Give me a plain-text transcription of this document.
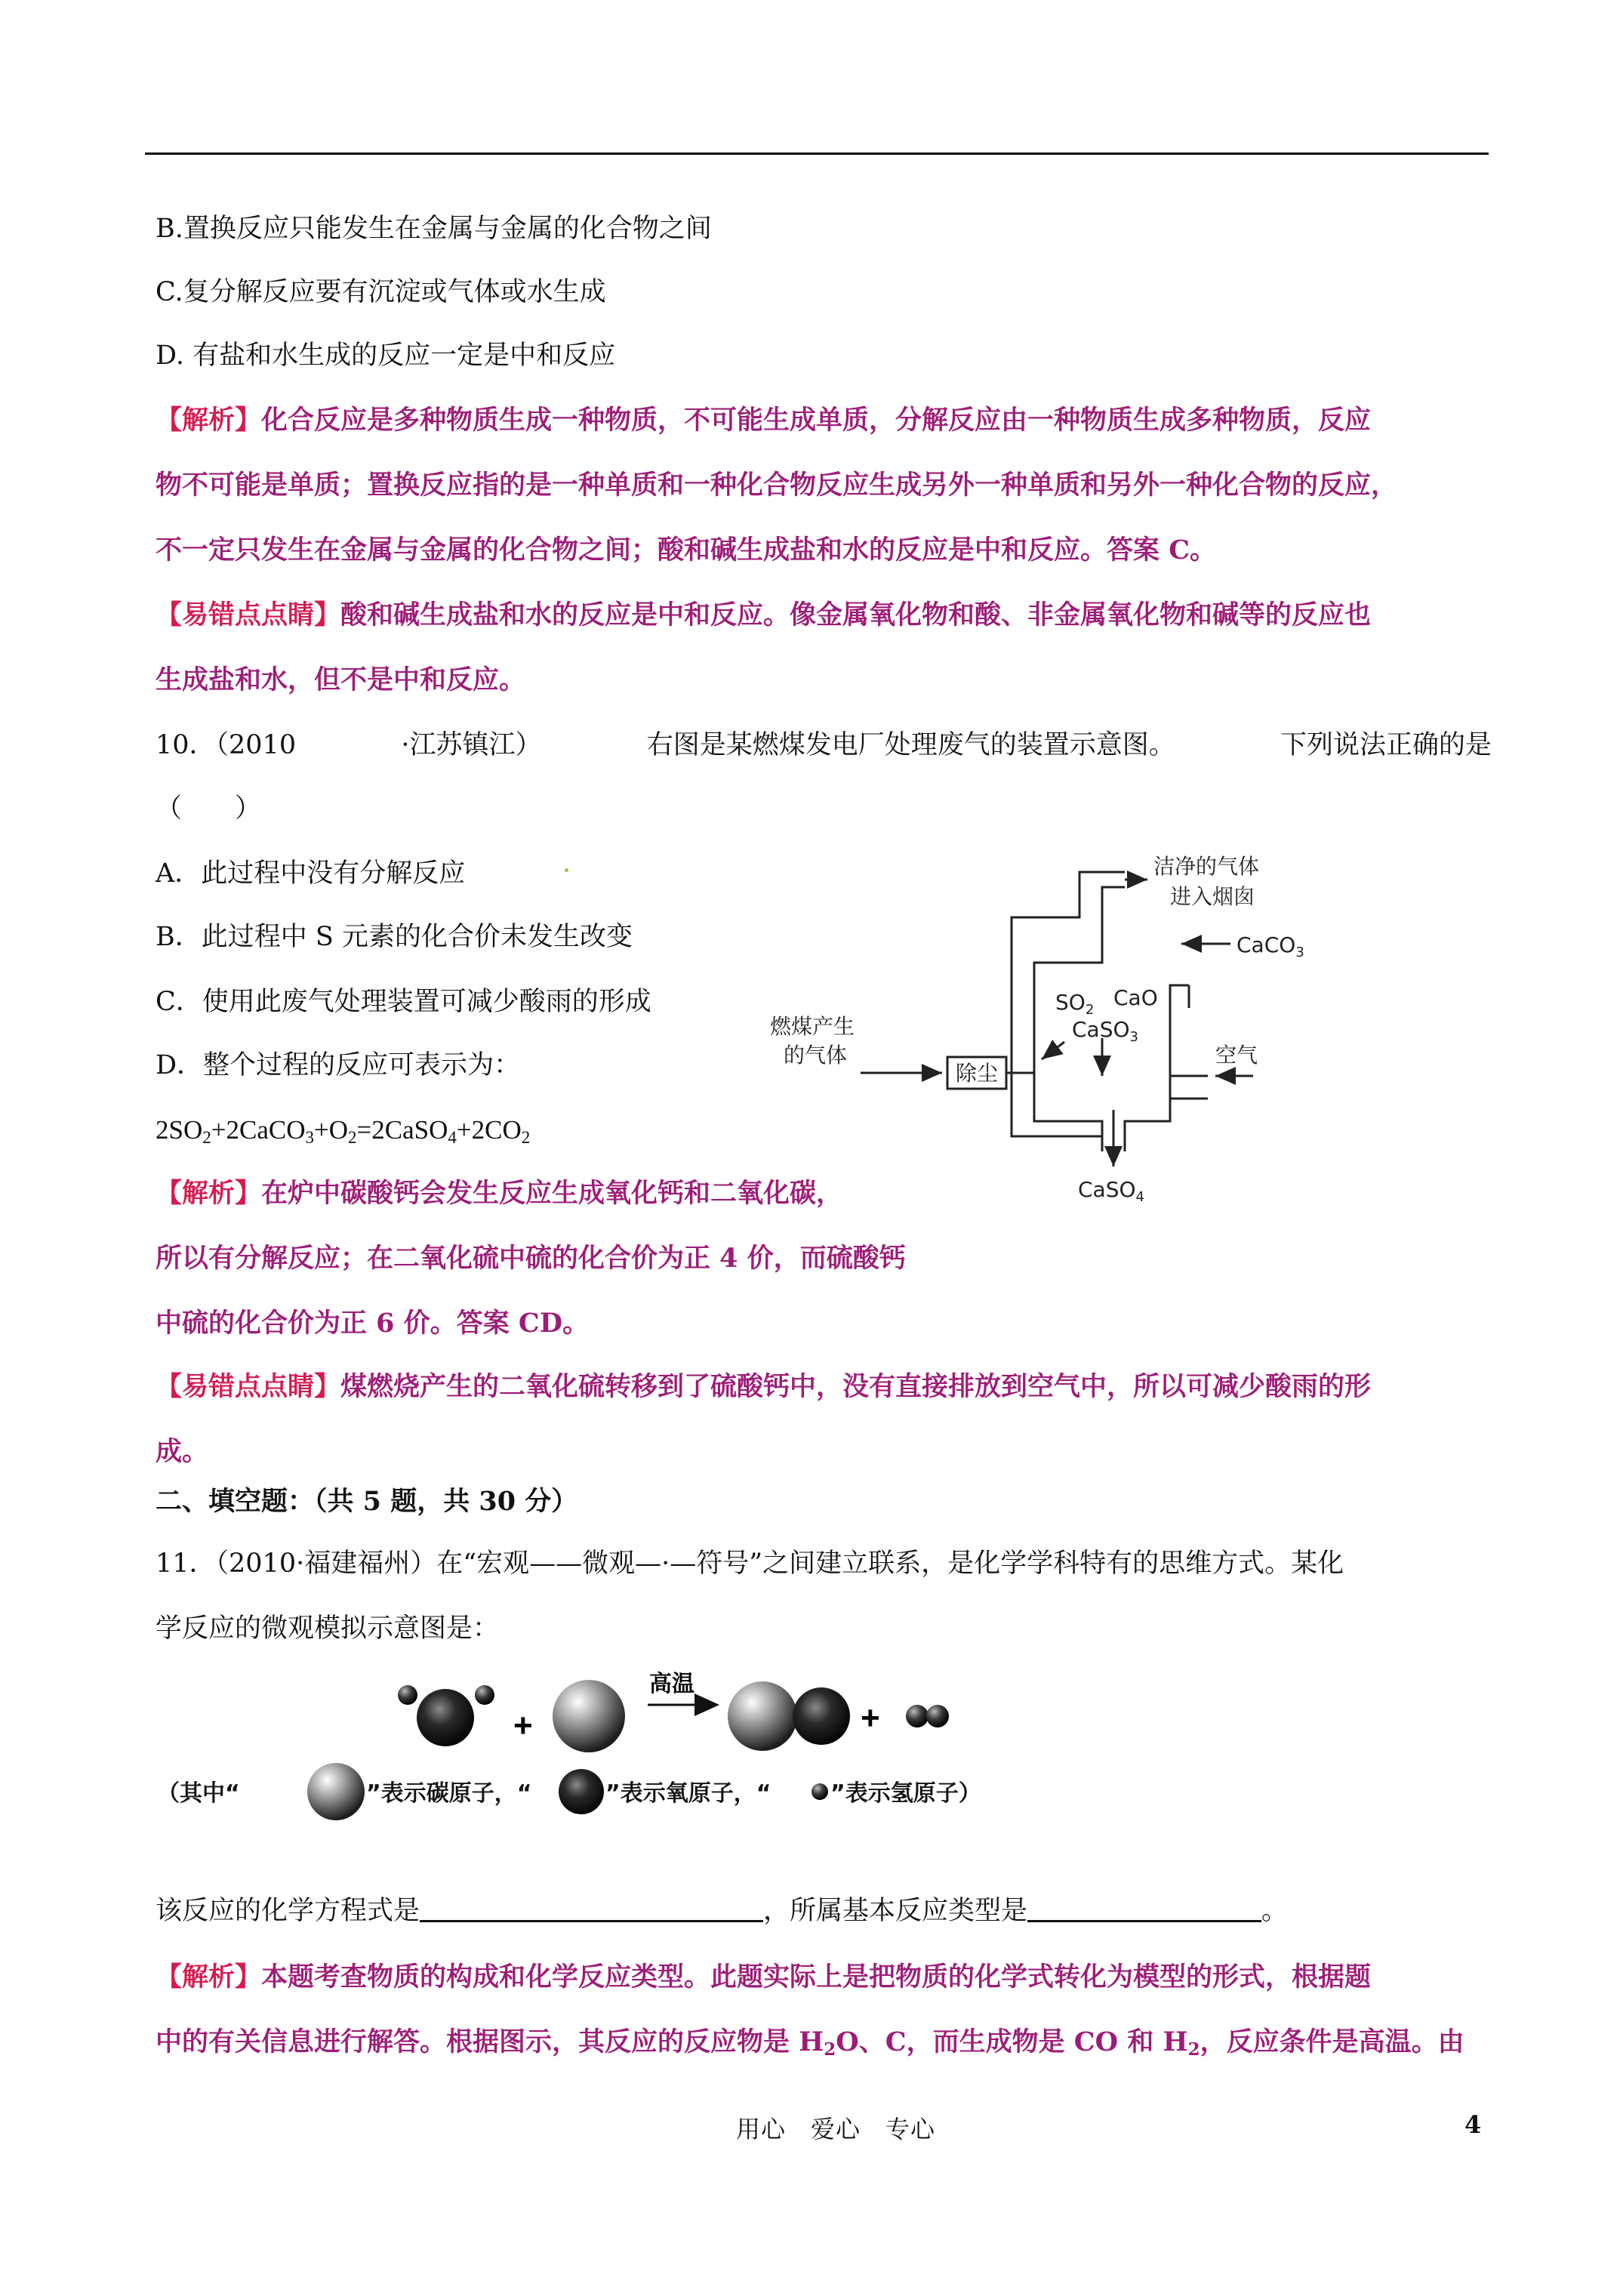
B.置换反应只能发生在金属与金属的化合物之间
C.复分解反应要有沉淀或气体或水生成
D. 有盐和水生成的反应一定是中和反应
【解析】化合反应是多种物质生成一种物质，不可能生成单质，分解反应由一种物质生成多种物质，反应
物不可能是单质；置换反应指的是一种单质和一种化合物反应生成另外一种单质和另外一种化合物的反应，
不一定只发生在金属与金属的化合物之间；酸和碱生成盐和水的反应是中和反应。答案 C。
【易错点点睛】酸和碱生成盐和水的反应是中和反应。像金属氧化物和酸、非金属氧化物和碱等的反应也
生成盐和水，但不是中和反应。
10．（2010	·江苏镇江）	右图是某燃煤发电厂处理废气的装置示意图。	下列说法正确的是
（　　）
A．此过程中没有分解反应
B．此过程中 S 元素的化合价未发生改变
C．使用此废气处理装置可减少酸雨的形成
D．整个过程的反应可表示为：
$2SO_2+2CaCO_3+O_2=2CaSO_4+2CO_2$
洁净的气体
进入烟囱
CaCO$_3$
燃煤产生
的气体
除尘
$SO_2$ CaO
CaSO$_3$
空气
CaSO$_4$
【解析】在炉中碳酸钙会发生反应生成氧化钙和二氧化碳，
所以有分解反应；在二氧化硫中硫的化合价为正 4 价，而硫酸钙
中硫的化合价为正 6 价。答案 CD。
【易错点点睛】煤燃烧产生的二氧化硫转移到了硫酸钙中，没有直接排放到空气中，所以可减少酸雨的形
成。
二、填空题：（共 5 题，共 30 分）
11．（2010·福建福州）在“宏观——微观—·—符号”之间建立联系，是化学学科特有的思维方式。某化
学反应的微观模拟示意图是：
+
高温
+
（其中“	”表示碳原子，“	”表示氧原子，“	”表示氢原子）
该反应的化学方程式是	，所属基本反应类型是	。
【解析】本题考查物质的构成和化学反应类型。此题实际上是把物质的化学式转化为模型的形式，根据题
中的有关信息进行解答。根据图示，其反应的反应物是 $H_2O$、C，而生成物是 CO 和 $H_2$，反应条件是高温。由
用心　爱心　专心	4
